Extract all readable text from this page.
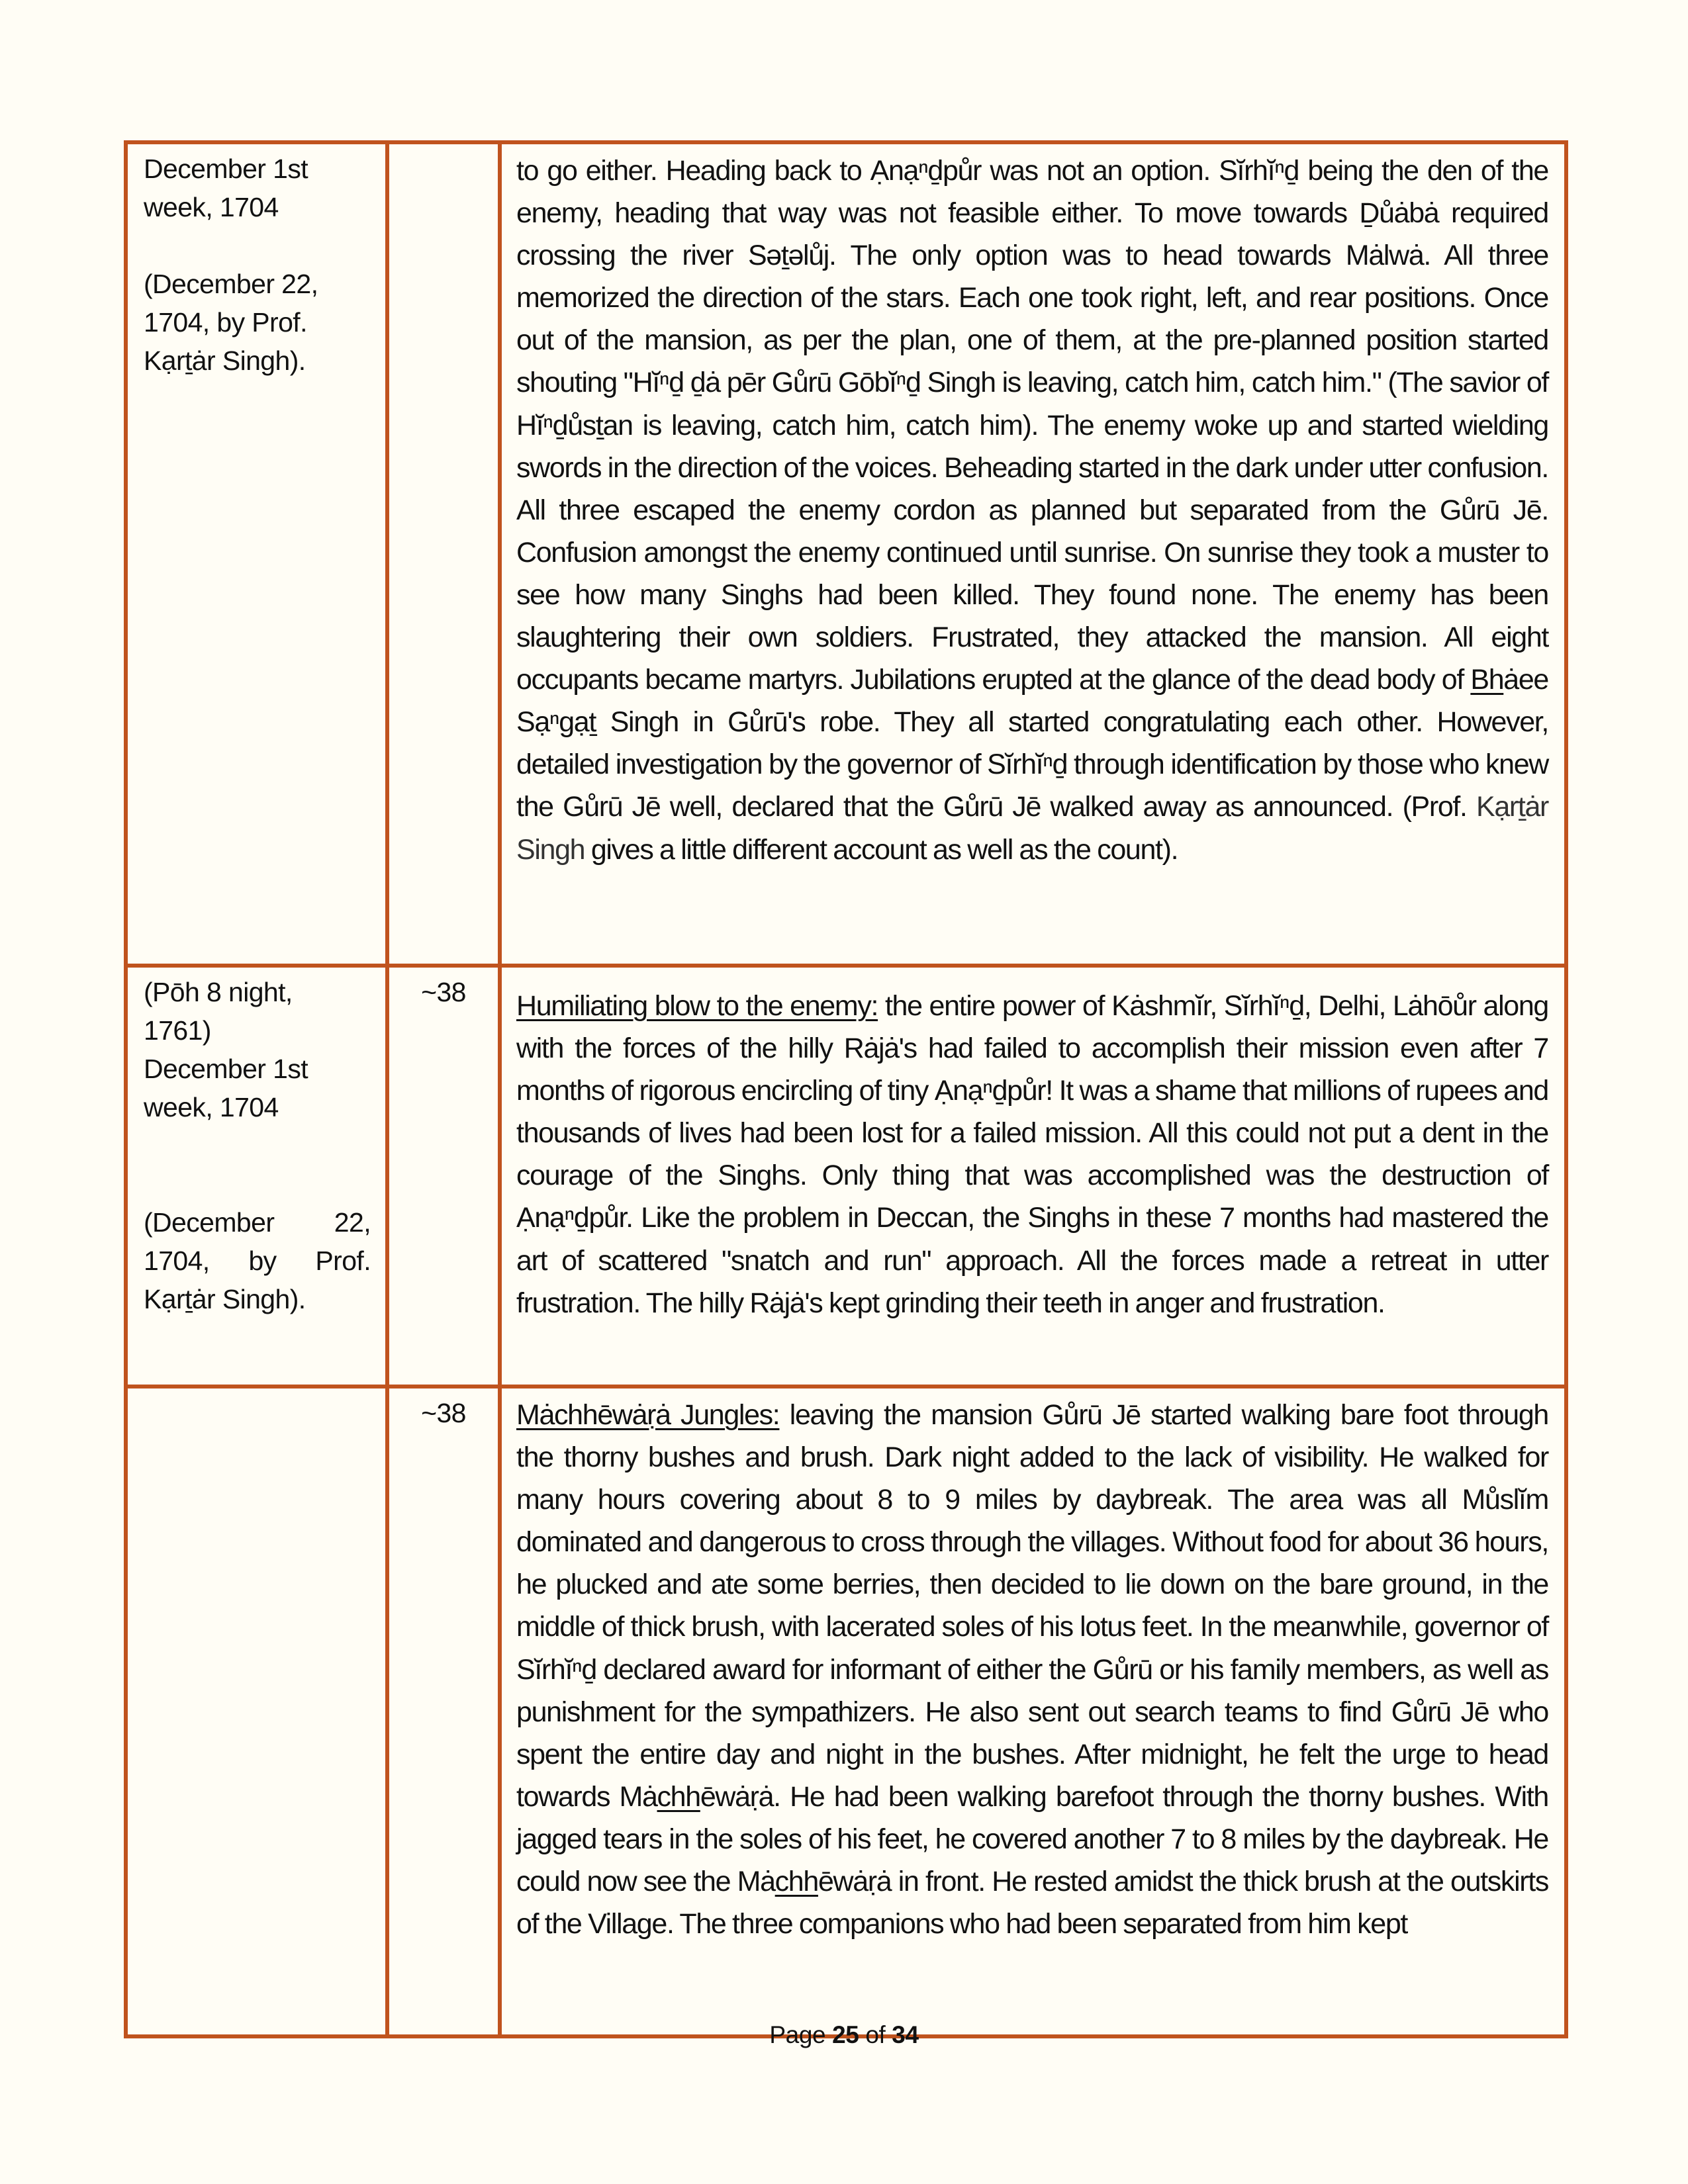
December 1st
week, 1704
(December 22,
1704, by Prof.
Kạrṯȧr Singh).
		to go either. Heading back to Ạnạⁿḏpůr was not an option. Sĭrhĭⁿḏ being the den of the enemy, heading that way was not feasible either. To move towards Ḏůȧbȧ required crossing the river Səṯəlůj. The only option was to head towards Mȧlwȧ. All three memorized the direction of the stars. Each one took right, left, and rear positions. Once out of the mansion, as per the plan, one of them, at the pre-planned position started shouting "Hĭⁿḏ ḏȧ pēr Gůrū Gōbĭⁿḏ Singh is leaving, catch him, catch him." (The savior of Hĭⁿḏůsṯan is leaving, catch him, catch him). The enemy woke up and started wielding swords in the direction of the voices. Beheading started in the dark under utter confusion. All three escaped the enemy cordon as planned but separated from the Gůrū Jē. Confusion amongst the enemy continued until sunrise. On sunrise they took a muster to see how many Singhs had been killed. They found none. The enemy has been slaughtering their own soldiers. Frustrated, they attacked the mansion. All eight occupants became martyrs. Jubilations erupted at the glance of the dead body of Bhȧee Sạⁿgạṯ Singh in Gůrū's robe. They all started congratulating each other. However, detailed investigation by the governor of Sĭrhĭⁿḏ through identification by those who knew the Gůrū Jē well, declared that the Gůrū Jē walked away as announced. (Prof. Kạrṯȧr Singh gives a little different account as well as the count).

(Pōh 8 night,
1761)
December 1st
week, 1704
(December 22,
1704, by Prof.
Kạrṯȧr Singh).
	~38	Humiliating blow to the enemy: the entire power of Kȧshmĭr, Sĭrhĭⁿḏ, Delhi, Lȧhōůr along with the forces of the hilly Rȧjȧ's had failed to accomplish their mission even after 7 months of rigorous encircling of tiny Ạnạⁿḏpůr! It was a shame that millions of rupees and thousands of lives had been lost for a failed mission. All this could not put a dent in the courage of the Singhs. Only thing that was accomplished was the destruction of Ạnạⁿḏpůr. Like the problem in Deccan, the Singhs in these 7 months had mastered the art of scattered "snatch and run" approach. All the forces made a retreat in utter frustration. The hilly Rȧjȧ's kept grinding their teeth in anger and frustration.
	~38	Mȧchhēwȧṛȧ Jungles: leaving the mansion Gůrū Jē started walking bare foot through the thorny bushes and brush. Dark night added to the lack of visibility. He walked for many hours covering about 8 to 9 miles by daybreak. The area was all Můslĭm dominated and dangerous to cross through the villages. Without food for about 36 hours, he plucked and ate some berries, then decided to lie down on the bare ground, in the middle of thick brush, with lacerated soles of his lotus feet. In the meanwhile, governor of Sĭrhĭⁿḏ declared award for informant of either the Gůrū or his family members, as well as punishment for the sympathizers. He also sent out search teams to find Gůrū Jē who spent the entire day and night in the bushes. After midnight, he felt the urge to head towards Mȧchhēwȧṛȧ. He had been walking barefoot through the thorny bushes. With jagged tears in the soles of his feet, he covered another 7 to 8 miles by the daybreak. He could now see the Mȧchhēwȧṛȧ in front. He rested amidst the thick brush at the outskirts of the Village. The three companions who had been separated from him kept
Page 25 of 34
